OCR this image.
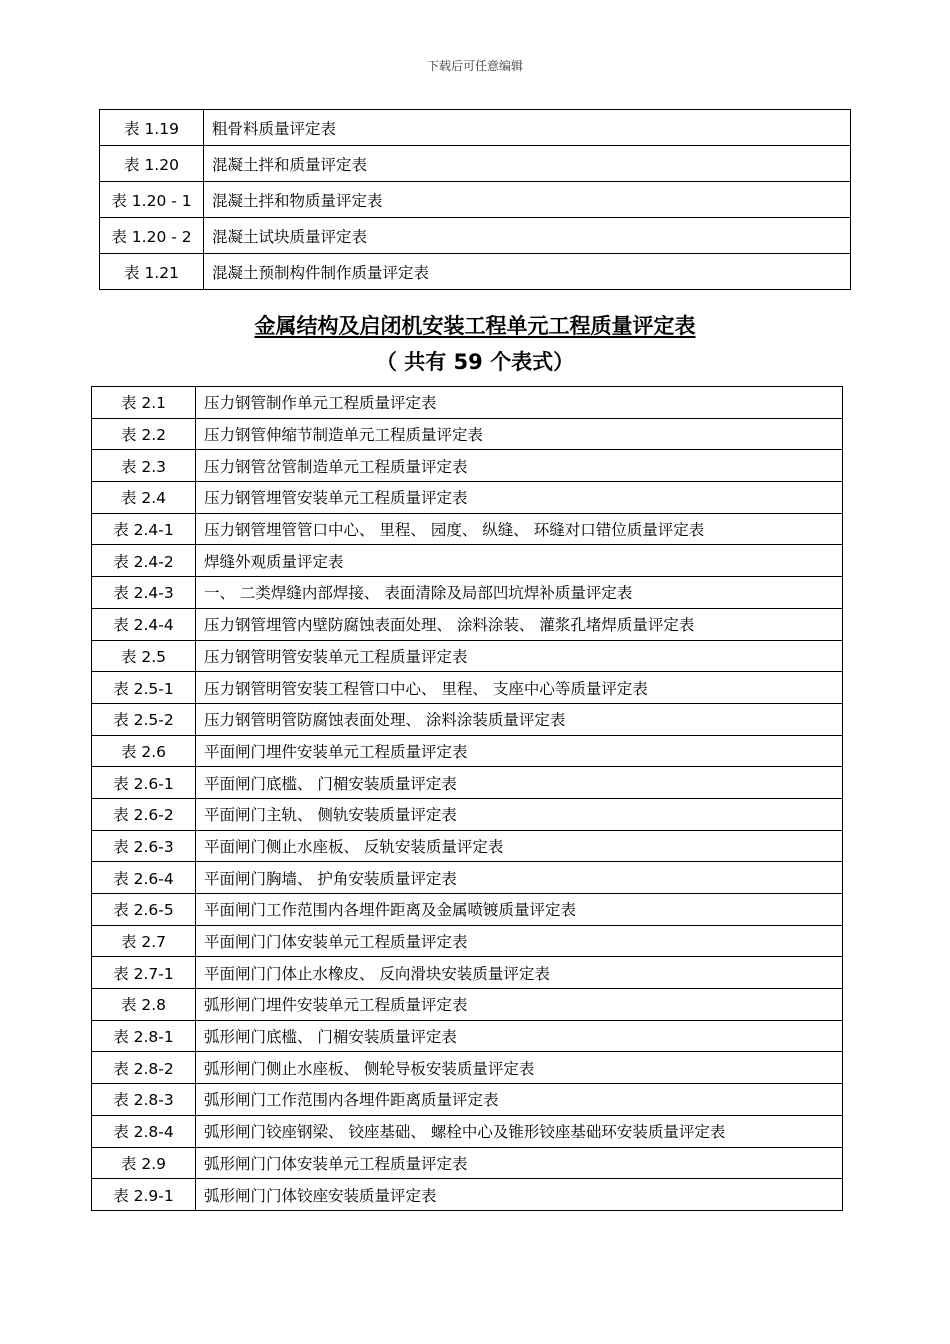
下载后可任意编辑
表 1.19	粗骨料质量评定表
表 1.20	混凝土拌和质量评定表
表 1.20 - 1	混凝土拌和物质量评定表
表 1.20 - 2	混凝土试块质量评定表
表 1.21	混凝土预制构件制作质量评定表
金属结构及启闭机安装工程单元工程质量评定表
（ 共有 59 个表式）
表 2.1	压力钢管制作单元工程质量评定表
表 2.2	压力钢管伸缩节制造单元工程质量评定表
表 2.3	压力钢管岔管制造单元工程质量评定表
表 2.4	压力钢管埋管安装单元工程质量评定表
表 2.4-1	压力钢管埋管管口中心、 里程、 园度、 纵缝、 环缝对口错位质量评定表
表 2.4-2	焊缝外观质量评定表
表 2.4-3	一、 二类焊缝内部焊接、 表面清除及局部凹坑焊补质量评定表
表 2.4-4	压力钢管埋管内壁防腐蚀表面处理、 涂料涂装、 灌浆孔堵焊质量评定表
表 2.5	压力钢管明管安装单元工程质量评定表
表 2.5-1	压力钢管明管安装工程管口中心、 里程、 支座中心等质量评定表
表 2.5-2	压力钢管明管防腐蚀表面处理、 涂料涂装质量评定表
表 2.6	平面闸门埋件安装单元工程质量评定表
表 2.6-1	平面闸门底槛、 门楣安装质量评定表
表 2.6-2	平面闸门主轨、 侧轨安装质量评定表
表 2.6-3	平面闸门侧止水座板、 反轨安装质量评定表
表 2.6-4	平面闸门胸墙、 护角安装质量评定表
表 2.6-5	平面闸门工作范围内各埋件距离及金属喷镀质量评定表
表 2.7	平面闸门门体安装单元工程质量评定表
表 2.7-1	平面闸门门体止水橡皮、 反向滑块安装质量评定表
表 2.8	弧形闸门埋件安装单元工程质量评定表
表 2.8-1	弧形闸门底槛、 门楣安装质量评定表
表 2.8-2	弧形闸门侧止水座板、 侧轮导板安装质量评定表
表 2.8-3	弧形闸门工作范围内各埋件距离质量评定表
表 2.8-4	弧形闸门铰座钢梁、 铰座基础、 螺栓中心及锥形铰座基础环安装质量评定表
表 2.9	弧形闸门门体安装单元工程质量评定表
表 2.9-1	弧形闸门门体铰座安装质量评定表
